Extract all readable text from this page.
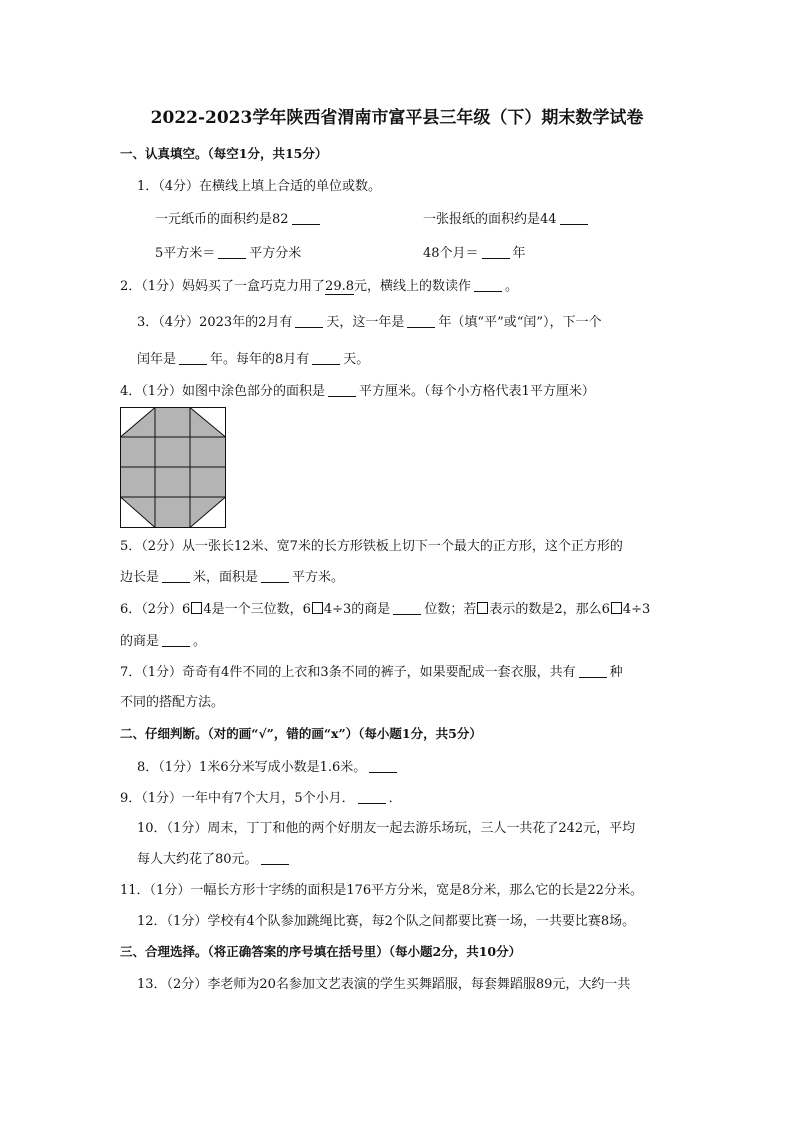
2022-2023学年陕西省渭南市富平县三年级（下）期末数学试卷
一、认真填空。（每空1分，共15分）
1．（4分）在横线上填上合适的单位或数。
一元纸币的面积约是82	一张报纸的面积约是44
5平方米＝	平方分米	48个月＝	年
2．（1分）妈妈买了一盒巧克力用了29.8元，横线上的数读作	。
3．（4分）2023年的2月有	天，这一年是	年（填“平”或“闰”），下一个
闰年是	年。每年的8月有	天。
4．（1分）如图中涂色部分的面积是	平方厘米。（每个小方格代表1平方厘米）
5．（2分）从一张长12米、宽7米的长方形铁板上切下一个最大的正方形，这个正方形的
边长是	米，面积是	平方米。
6．（2分）6 4是一个三位数，6 4÷3的商是	位数；若 表示的数是2，那么6 4÷3
的商是	。
7．（1分）奇奇有4件不同的上衣和3条不同的裤子，如果要配成一套衣服，共有	种
不同的搭配方法。
二、仔细判断。（对的画“√”，错的画“x”）（每小题1分，共5分）
8．（1分）1米6分米写成小数是1.6米。
9．（1分）一年中有7个大月，5个小月．	．
10．（1分）周末，丁丁和他的两个好朋友一起去游乐场玩，三人一共花了242元，平均
每人大约花了80元。
11．（1分）一幅长方形十字绣的面积是176平方分米，宽是8分米，那么它的长是22分米。
12．（1分）学校有4个队参加跳绳比赛，每2个队之间都要比赛一场，一共要比赛8场。
三、合理选择。（将正确答案的序号填在括号里）（每小题2分，共10分）
13．（2分）李老师为20名参加文艺表演的学生买舞蹈服，每套舞蹈服89元，大约一共
